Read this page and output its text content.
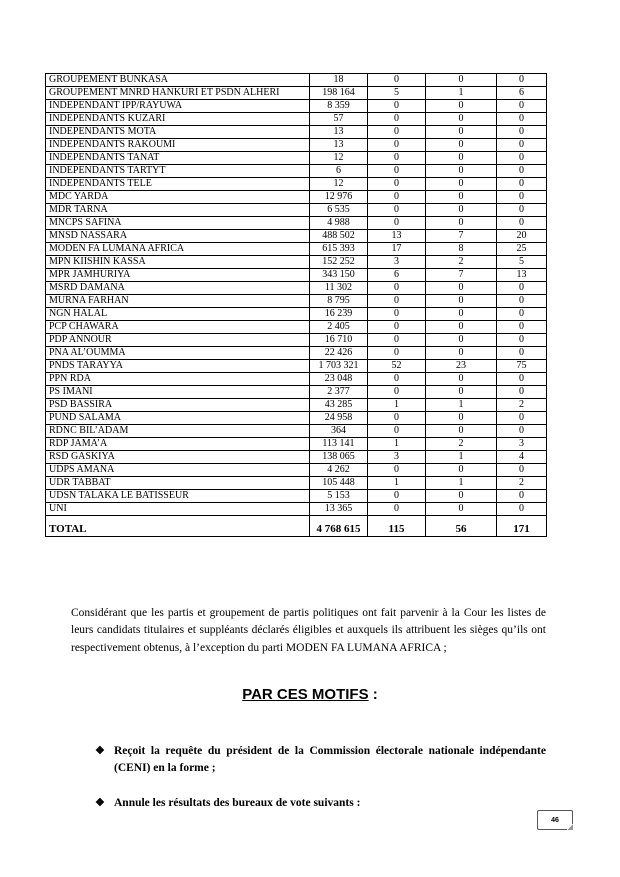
GROUPEMENT BUNKASA	18	0	0	0
GROUPEMENT MNRD HANKURI ET PSDN ALHERI	198 164	5	1	6
INDEPENDANT IPP/RAYUWA	8 359	0	0	0
INDEPENDANTS KUZARI	57	0	0	0
INDEPENDANTS MOTA	13	0	0	0
INDEPENDANTS RAKOUMI	13	0	0	0
INDEPENDANTS TANAT	12	0	0	0
INDEPENDANTS TARTYT	6	0	0	0
INDEPENDANTS TELE	12	0	0	0
MDC YARDA	12 976	0	0	0
MDR TARNA	6 535	0	0	0
MNCPS SAFINA	4 988	0	0	0
MNSD NASSARA	488 502	13	7	20
MODEN FA LUMANA AFRICA	615 393	17	8	25
MPN KIISHIN KASSA	152 252	3	2	5
MPR JAMHURIYA	343 150	6	7	13
MSRD DAMANA	11 302	0	0	0
MURNA FARHAN	8 795	0	0	0
NGN HALAL	16 239	0	0	0
PCP CHAWARA	2 405	0	0	0
PDP ANNOUR	16 710	0	0	0
PNA AL’OUMMA	22 426	0	0	0
PNDS TARAYYA	1 703 321	52	23	75
PPN RDA	23 048	0	0	0
PS IMANI	2 377	0	0	0
PSD BASSIRA	43 285	1	1	2
PUND SALAMA	24 958	0	0	0
RDNC BIL’ADAM	364	0	0	0
RDP JAMA’A	113 141	1	2	3
RSD GASKIYA	138 065	3	1	4
UDPS AMANA	4 262	0	0	0
UDR TABBAT	105 448	1	1	2
UDSN TALAKA LE BATISSEUR	5 153	0	0	0
UNI	13 365	0	0	0
TOTAL	4 768 615	115	56	171

Considérant que les partis et groupement de partis politiques ont fait parvenir à la Cour les listes de leurs candidats titulaires et suppléants déclarés éligibles et auxquels ils attribuent les sièges qu’ils ont respectivement obtenus, à l’exception du parti MODEN FA LUMANA AFRICA ;

PAR CES MOTIFS :

❖ Reçoit la requête du président de la Commission électorale nationale indépendante (CENI) en la forme ;

❖ Annule les résultats des bureaux de vote suivants :

46
